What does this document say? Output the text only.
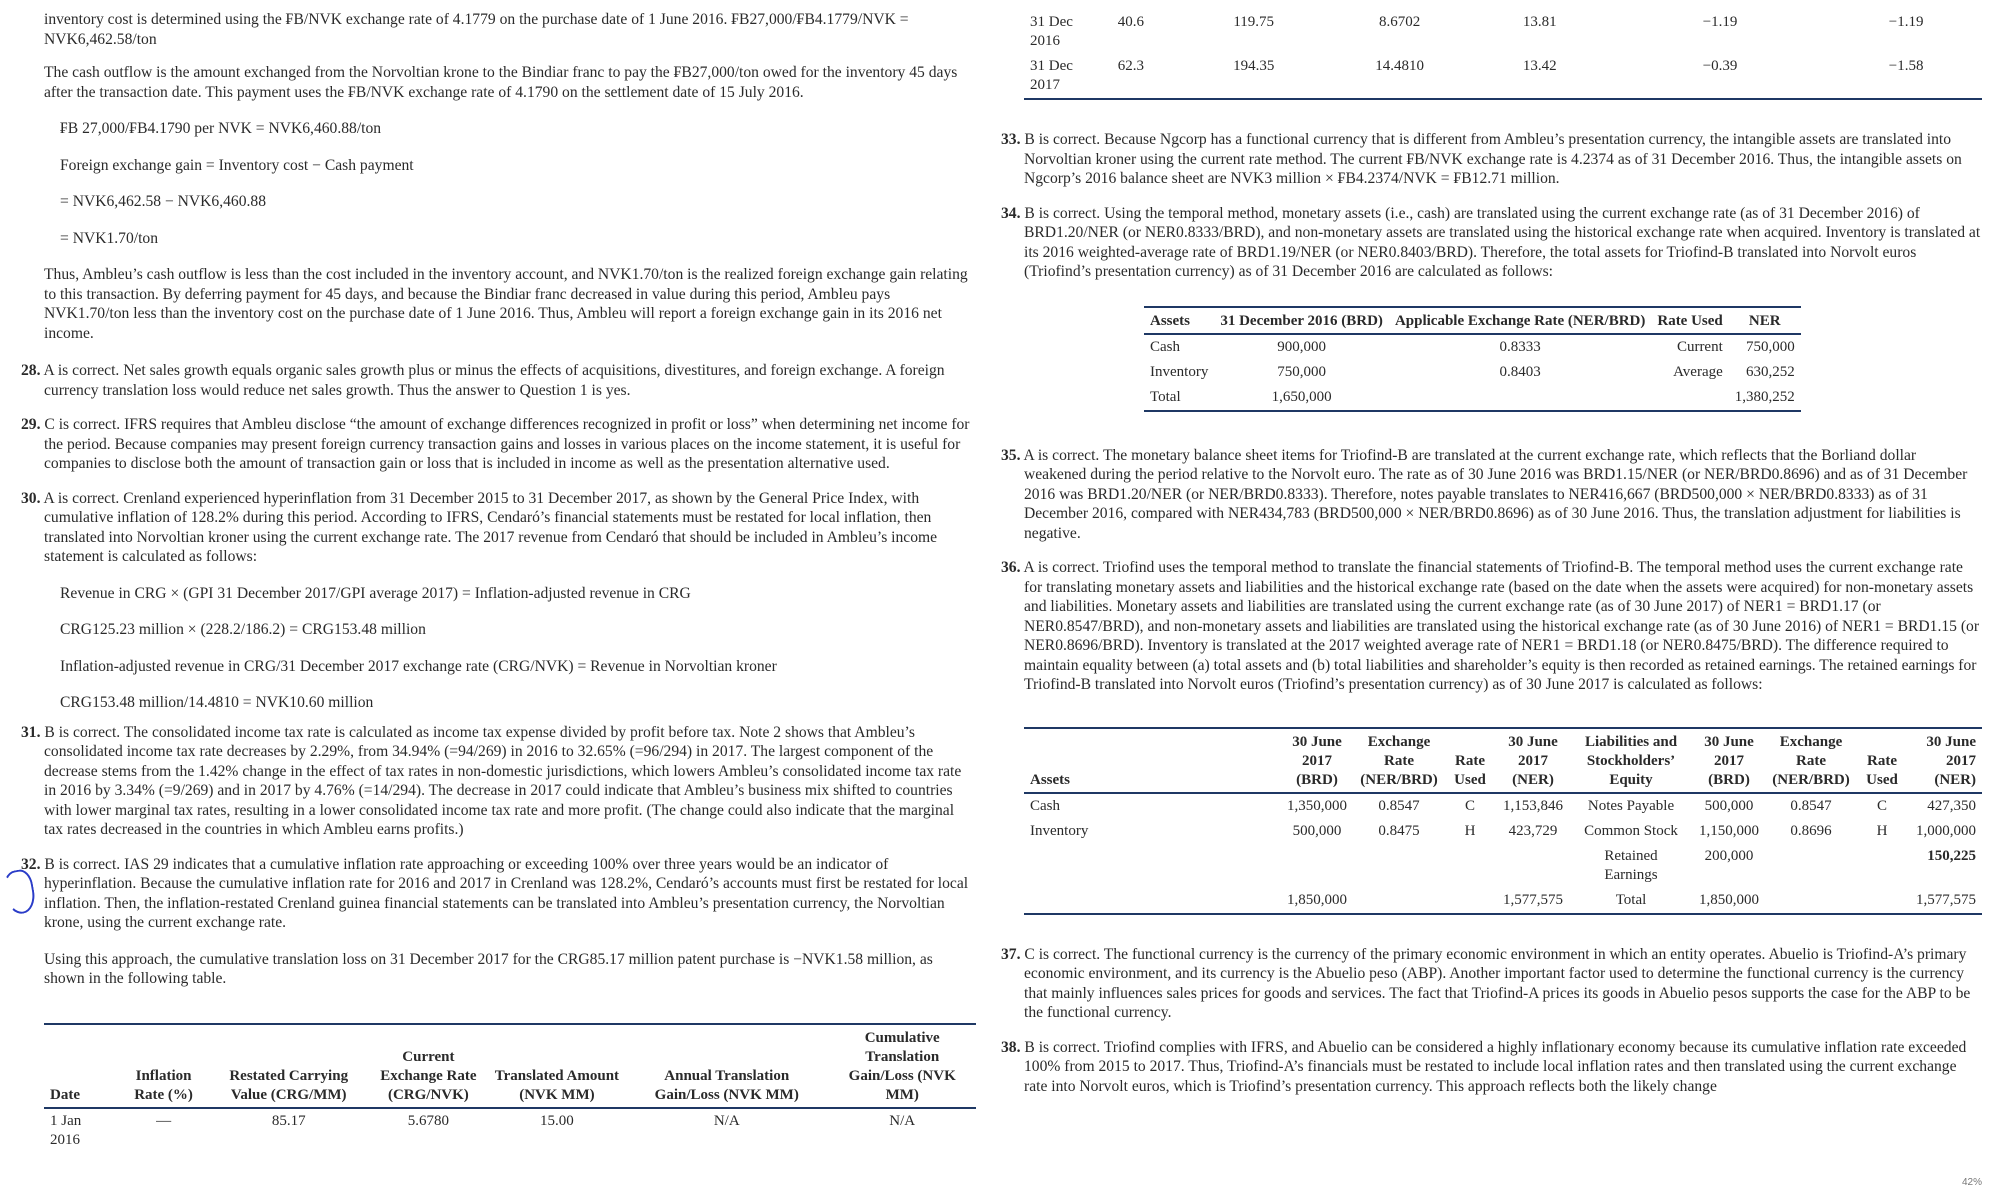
inventory cost is determined using the ₣B/NVK exchange rate of 4.1779 on the purchase date of 1 June 2016. ₣B27,000/₣B4.1779/NVK = NVK6,462.58/ton

The cash outflow is the amount exchanged from the Norvoltian krone to the Bindiar franc to pay the ₣B27,000/ton owed for the inventory 45 days after the transaction date. This payment uses the ₣B/NVK exchange rate of 4.1790 on the settlement date of 15 July 2016.

₣B 27,000/₣B4.1790 per NVK = NVK6,460.88/ton

Foreign exchange gain = Inventory cost − Cash payment

= NVK6,462.58 − NVK6,460.88

= NVK1.70/ton

Thus, Ambleu’s cash outflow is less than the cost included in the inventory account, and NVK1.70/ton is the realized foreign exchange gain relating to this transaction. By deferring payment for 45 days, and because the Bindiar franc decreased in value during this period, Ambleu pays NVK1.70/ton less than the inventory cost on the purchase date of 1 June 2016. Thus, Ambleu will report a foreign exchange gain in its 2016 net income.

28. A is correct. Net sales growth equals organic sales growth plus or minus the effects of acquisitions, divestitures, and foreign exchange. A foreign currency translation loss would reduce net sales growth. Thus the answer to Question 1 is yes.

29. C is correct. IFRS requires that Ambleu disclose “the amount of exchange differences recognized in profit or loss” when determining net income for the period. Because companies may present foreign currency transaction gains and losses in various places on the income statement, it is useful for companies to disclose both the amount of transaction gain or loss that is included in income as well as the presentation alternative used.

30. A is correct. Crenland experienced hyperinflation from 31 December 2015 to 31 December 2017, as shown by the General Price Index, with cumulative inflation of 128.2% during this period. According to IFRS, Cendaró’s financial statements must be restated for local inflation, then translated into Norvoltian kroner using the current exchange rate. The 2017 revenue from Cendaró that should be included in Ambleu’s income statement is calculated as follows:

Revenue in CRG × (GPI 31 December 2017/GPI average 2017) = Inflation-adjusted revenue in CRG

CRG125.23 million × (228.2/186.2) = CRG153.48 million

Inflation-adjusted revenue in CRG/31 December 2017 exchange rate (CRG/NVK) = Revenue in Norvoltian kroner

CRG153.48 million/14.4810 = NVK10.60 million

31. B is correct. The consolidated income tax rate is calculated as income tax expense divided by profit before tax. Note 2 shows that Ambleu’s consolidated income tax rate decreases by 2.29%, from 34.94% (=94/269) in 2016 to 32.65% (=96/294) in 2017. The largest component of the decrease stems from the 1.42% change in the effect of tax rates in non-domestic jurisdictions, which lowers Ambleu’s consolidated income tax rate in 2016 by 3.34% (=9/269) and in 2017 by 4.76% (=14/294). The decrease in 2017 could indicate that Ambleu’s business mix shifted to countries with lower marginal tax rates, resulting in a lower consolidated income tax rate and more profit. (The change could also indicate that the marginal tax rates decreased in the countries in which Ambleu earns profits.)

32. B is correct. IAS 29 indicates that a cumulative inflation rate approaching or exceeding 100% over three years would be an indicator of hyperinflation. Because the cumulative inflation rate for 2016 and 2017 in Crenland was 128.2%, Cendaró’s accounts must first be restated for local inflation. Then, the inflation-restated Crenland guinea financial statements can be translated into Ambleu’s presentation currency, the Norvoltian krone, using the current exchange rate.

Using this approach, the cumulative translation loss on 31 December 2017 for the CRG85.17 million patent purchase is −NVK1.58 million, as shown in the following table.

Date	Inflation Rate (%)	Restated Carrying Value (CRG/MM)	Current Exchange Rate (CRG/NVK)	Translated Amount (NVK MM)	Annual Translation Gain/Loss (NVK MM)	Cumulative Translation Gain/Loss (NVK MM)
1 Jan 2016	—	85.17	5.6780	15.00	N/A	N/A
31 Dec 2016	40.6	119.75	8.6702	13.81	−1.19	−1.19
31 Dec 2017	62.3	194.35	14.4810	13.42	−0.39	−1.58

33. B is correct. Because Ngcorp has a functional currency that is different from Ambleu’s presentation currency, the intangible assets are translated into Norvoltian kroner using the current rate method. The current ₣B/NVK exchange rate is 4.2374 as of 31 December 2016. Thus, the intangible assets on Ngcorp’s 2016 balance sheet are NVK3 million × ₣B4.2374/NVK = ₣B12.71 million.

34. B is correct. Using the temporal method, monetary assets (i.e., cash) are translated using the current exchange rate (as of 31 December 2016) of BRD1.20/NER (or NER0.8333/BRD), and non-monetary assets are translated using the historical exchange rate when acquired. Inventory is translated at its 2016 weighted-average rate of BRD1.19/NER (or NER0.8403/BRD). Therefore, the total assets for Triofind-B translated into Norvolt euros (Triofind’s presentation currency) as of 31 December 2016 are calculated as follows:

Assets	31 December 2016 (BRD)	Applicable Exchange Rate (NER/BRD)	Rate Used	NER
Cash	900,000	0.8333	Current	750,000
Inventory	750,000	0.8403	Average	630,252
Total	1,650,000			1,380,252

35. A is correct. The monetary balance sheet items for Triofind-B are translated at the current exchange rate, which reflects that the Borliand dollar weakened during the period relative to the Norvolt euro. The rate as of 30 June 2016 was BRD1.15/NER (or NER/BRD0.8696) and as of 31 December 2016 was BRD1.20/NER (or NER/BRD0.8333). Therefore, notes payable translates to NER416,667 (BRD500,000 × NER/BRD0.8333) as of 31 December 2016, compared with NER434,783 (BRD500,000 × NER/BRD0.8696) as of 30 June 2016. Thus, the translation adjustment for liabilities is negative.

36. A is correct. Triofind uses the temporal method to translate the financial statements of Triofind-B. The temporal method uses the current exchange rate for translating monetary assets and liabilities and the historical exchange rate (based on the date when the assets were acquired) for non-monetary assets and liabilities. Monetary assets and liabilities are translated using the current exchange rate (as of 30 June 2017) of NER1 = BRD1.17 (or NER0.8547/BRD), and non-monetary assets and liabilities are translated using the historical exchange rate (as of 30 June 2016) of NER1 = BRD1.15 (or NER0.8696/BRD). Inventory is translated at the 2017 weighted average rate of NER1 = BRD1.18 (or NER0.8475/BRD). The difference required to maintain equality between (a) total assets and (b) total liabilities and shareholder’s equity is then recorded as retained earnings. The retained earnings for Triofind-B translated into Norvolt euros (Triofind’s presentation currency) as of 30 June 2017 is calculated as follows:

Assets	30 June 2017 (BRD)	Exchange Rate (NER/BRD)	Rate Used	30 June 2017 (NER)	Liabilities and Stockholders’ Equity	30 June 2017 (BRD)	Exchange Rate (NER/BRD)	Rate Used	30 June 2017 (NER)
Cash	1,350,000	0.8547	C	1,153,846	Notes Payable	500,000	0.8547	C	427,350
Inventory	500,000	0.8475	H	423,729	Common Stock	1,150,000	0.8696	H	1,000,000
					Retained Earnings	200,000			150,225
	1,850,000			1,577,575	Total	1,850,000			1,577,575

37. C is correct. The functional currency is the currency of the primary economic environment in which an entity operates. Abuelio is Triofind-A’s primary economic environment, and its currency is the Abuelio peso (ABP). Another important factor used to determine the functional currency is the currency that mainly influences sales prices for goods and services. The fact that Triofind-A prices its goods in Abuelio pesos supports the case for the ABP to be the functional currency.

38. B is correct. Triofind complies with IFRS, and Abuelio can be considered a highly inflationary economy because its cumulative inflation rate exceeded 100% from 2015 to 2017. Thus, Triofind-A’s financials must be restated to include local inflation rates and then translated using the current exchange rate into Norvolt euros, which is Triofind’s presentation currency. This approach reflects both the likely change

42%
